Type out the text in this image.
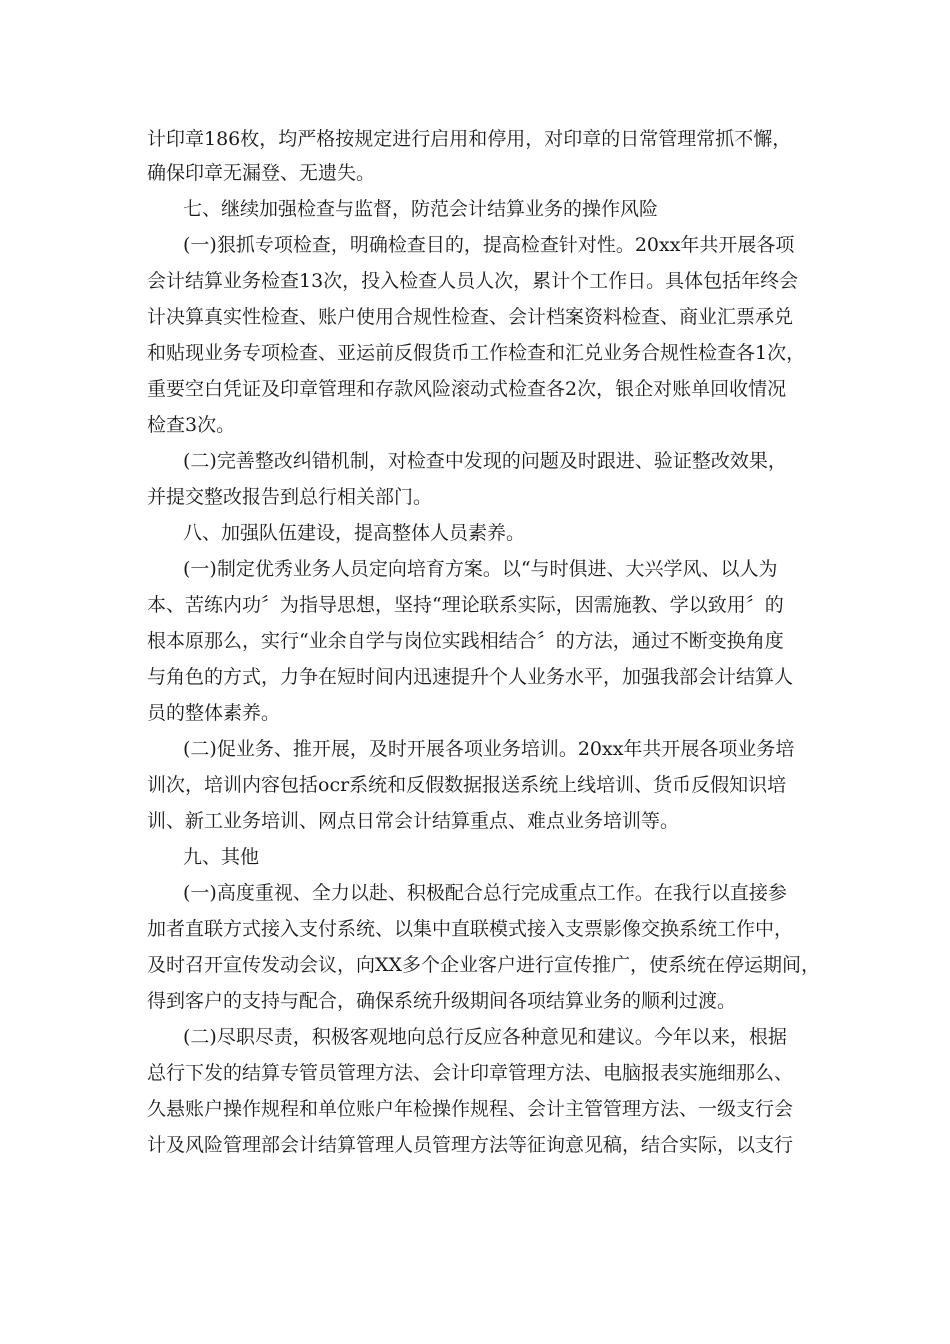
计印章186枚，均严格按规定进行启用和停用，对印章的日常管理常抓不懈，

确保印章无漏登、无遗失。

七、继续加强检查与监督，防范会计结算业务的操作风险

(一)狠抓专项检查，明确检查目的，提高检查针对性。20xx年共开展各项

会计结算业务检查13次，投入检查人员人次，累计个工作日。具体包括年终会

计决算真实性检查、账户使用合规性检查、会计档案资料检查、商业汇票承兑

和贴现业务专项检查、亚运前反假货币工作检查和汇兑业务合规性检查各1次，

重要空白凭证及印章管理和存款风险滚动式检查各2次，银企对账单回收情况

检查3次。

(二)完善整改纠错机制，对检查中发现的问题及时跟进、验证整改效果，

并提交整改报告到总行相关部门。

八、加强队伍建设，提高整体人员素养。

(一)制定优秀业务人员定向培育方案。以“与时俱进、大兴学风、以人为

本、苦练内功〞为指导思想，坚持“理论联系实际，因需施教、学以致用〞的

根本原那么，实行“业余自学与岗位实践相结合〞的方法，通过不断变换角度

与角色的方式，力争在短时间内迅速提升个人业务水平，加强我部会计结算人

员的整体素养。

(二)促业务、推开展，及时开展各项业务培训。20xx年共开展各项业务培

训次，培训内容包括ocr系统和反假数据报送系统上线培训、货币反假知识培

训、新工业务培训、网点日常会计结算重点、难点业务培训等。

九、其他

(一)高度重视、全力以赴、积极配合总行完成重点工作。在我行以直接参

加者直联方式接入支付系统、以集中直联模式接入支票影像交换系统工作中，

及时召开宣传发动会议，向XX多个企业客户进行宣传推广，使系统在停运期间，

得到客户的支持与配合，确保系统升级期间各项结算业务的顺利过渡。

(二)尽职尽责，积极客观地向总行反应各种意见和建议。今年以来，根据

总行下发的结算专管员管理方法、会计印章管理方法、电脑报表实施细那么、

久悬账户操作规程和单位账户年检操作规程、会计主管管理方法、一级支行会

计及风险管理部会计结算管理人员管理方法等征询意见稿，结合实际，以支行
